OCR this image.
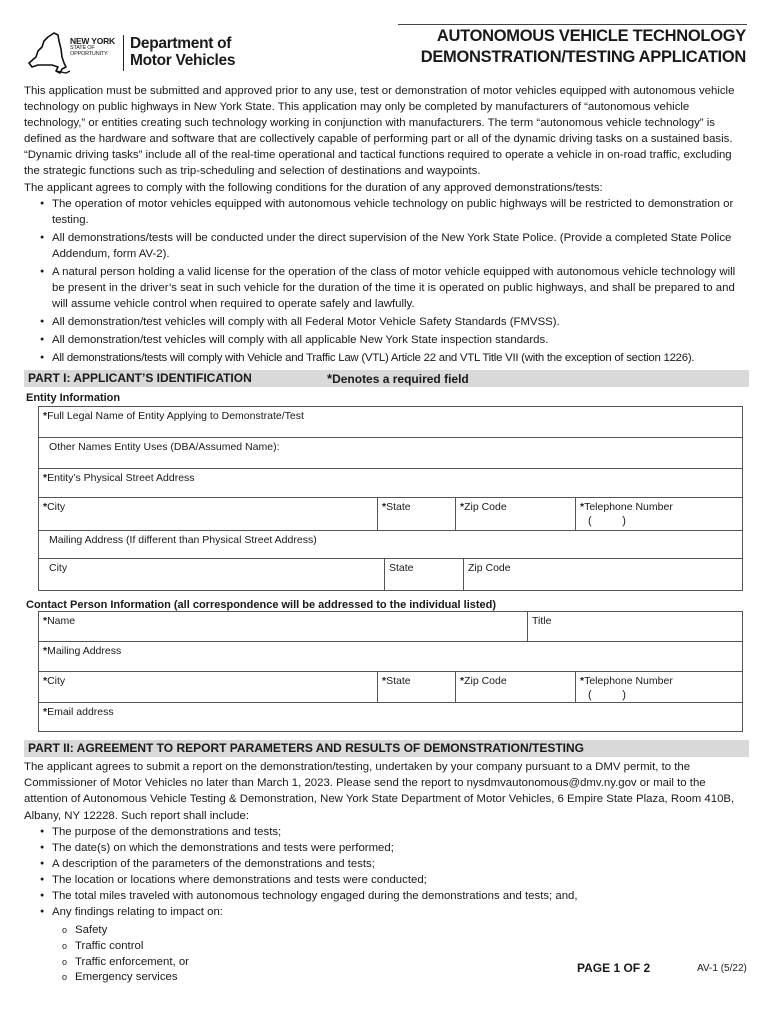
NEW YORK
STATE OF
OPPORTUNITY.
Department of
Motor Vehicles
AUTONOMOUS VEHICLE TECHNOLOGY
DEMONSTRATION/TESTING APPLICATION

This application must be submitted and approved prior to any use, test or demonstration of motor vehicles equipped with autonomous vehicle technology on public highways in New York State. This application may only be completed by manufacturers of “autonomous vehicle technology,” or entities creating such technology working in conjunction with manufacturers. The term “autonomous vehicle technology” is defined as the hardware and software that are collectively capable of performing part or all of the dynamic driving tasks on a sustained basis. “Dynamic driving tasks” include all of the real-time operational and tactical functions required to operate a vehicle in on-road traffic, excluding the strategic functions such as trip-scheduling and selection of destinations and waypoints.

The applicant agrees to comply with the following conditions for the duration of any approved demonstrations/tests:

● The operation of motor vehicles equipped with autonomous vehicle technology on public highways will be restricted to demonstration or testing.
● All demonstrations/tests will be conducted under the direct supervision of the New York State Police. (Provide a completed State Police Addendum, form AV-2).
● A natural person holding a valid license for the operation of the class of motor vehicle equipped with autonomous vehicle technology will be present in the driver’s seat in such vehicle for the duration of the time it is operated on public highways, and shall be prepared to and will assume vehicle control when required to operate safely and lawfully.
● All demonstration/test vehicles will comply with all Federal Motor Vehicle Safety Standards (FMVSS).
● All demonstration/test vehicles will comply with all applicable New York State inspection standards.
● All demonstrations/tests will comply with Vehicle and Traffic Law (VTL) Article 22 and VTL Title VII (with the exception of section 1226).
PART I: APPLICANT’S IDENTIFICATION	*Denotes a required field
Entity Information
*Full Legal Name of Entity Applying to Demonstrate/Test
Other Names Entity Uses (DBA/Assumed Name):
*Entity’s Physical Street Address
*City	*State	*Zip Code	*Telephone Number
(          )
Mailing Address (If different than Physical Street Address)
City	State	Zip Code
Contact Person Information (all correspondence will be addressed to the individual listed)
*Name	Title
*Mailing Address
*City	*State	*Zip Code	*Telephone Number
(          )
*Email address
PART II: AGREEMENT TO REPORT PARAMETERS AND RESULTS OF DEMONSTRATION/TESTING

The applicant agrees to submit a report on the demonstration/testing, undertaken by your company pursuant to a DMV permit, to the Commissioner of Motor Vehicles no later than March 1, 2023. Please send the report to nysdmvautonomous@dmv.ny.gov or mail to the attention of Autonomous Vehicle Testing & Demonstration, New York State Department of Motor Vehicles, 6 Empire State Plaza, Room 410B, Albany, NY 12228. Such report shall include:

● The purpose of the demonstrations and tests;
● The date(s) on which the demonstrations and tests were performed;
● A description of the parameters of the demonstrations and tests;
● The location or locations where demonstrations and tests were conducted;
● The total miles traveled with autonomous technology engaged during the demonstrations and tests; and,
● Any findings relating to impact on:
o Safety
o Traffic control
o Traffic enforcement, or
o Emergency services
PAGE 1 OF 2	AV-1 (5/22)
